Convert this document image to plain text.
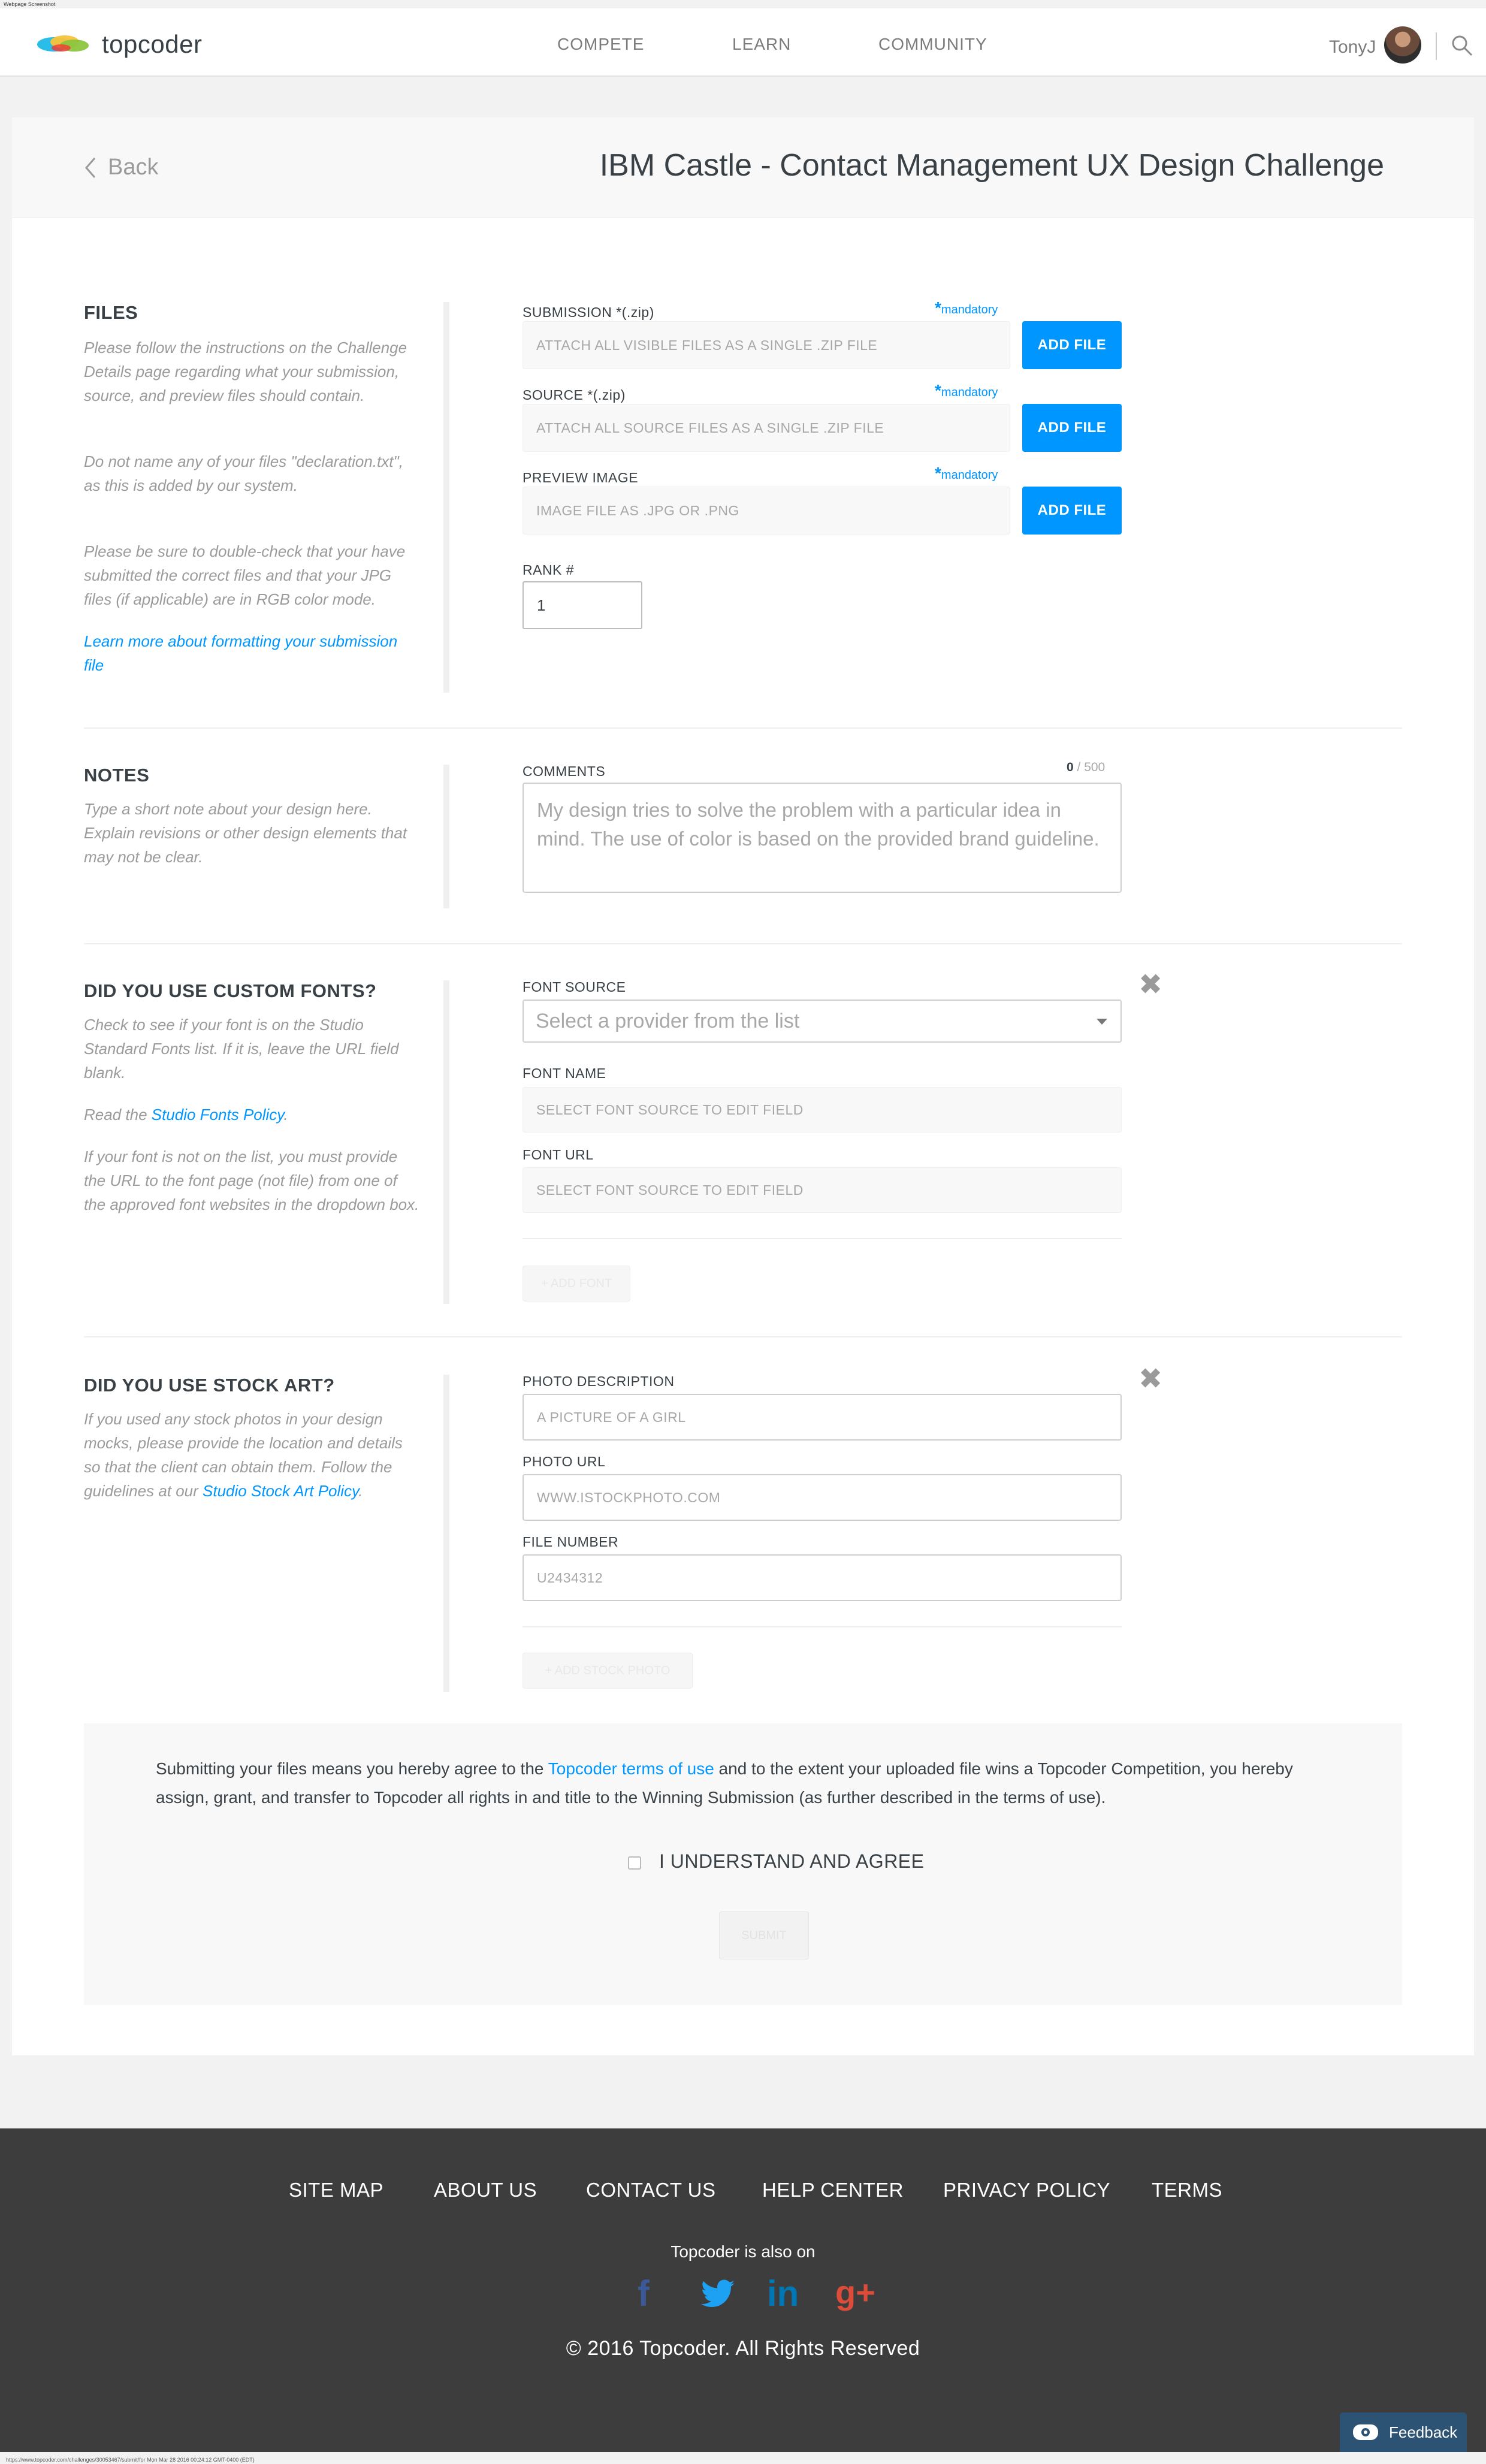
Webpage Screenshot
topcoder	COMPETE	LEARN	COMMUNITY	TonyJ
Back	IBM Castle - Contact Management UX Design Challenge
FILES
Please follow the instructions on the Challenge Details page regarding what your submission, source, and preview files should contain.
Do not name any of your files "declaration.txt", as this is added by our system.
Please be sure to double-check that your have submitted the correct files and that your JPG files (if applicable) are in RGB color mode.
Learn more about formatting your submission file
SUBMISSION *(.zip)	*mandatory
ATTACH ALL VISIBLE FILES AS A SINGLE .ZIP FILE	ADD FILE
SOURCE *(.zip)	*mandatory
ATTACH ALL SOURCE FILES AS A SINGLE .ZIP FILE	ADD FILE
PREVIEW IMAGE	*mandatory
IMAGE FILE AS .JPG OR .PNG	ADD FILE
RANK #
1
NOTES
Type a short note about your design here. Explain revisions or other design elements that may not be clear.
COMMENTS	0 / 500
My design tries to solve the problem with a particular idea in mind. The use of color is based on the provided brand guideline.
DID YOU USE CUSTOM FONTS?
Check to see if your font is on the Studio Standard Fonts list. If it is, leave the URL field blank.
Read the Studio Fonts Policy.
If your font is not on the list, you must provide the URL to the font page (not file) from one of the approved font websites in the dropdown box.
FONT SOURCE
Select a provider from the list
✖
FONT NAME
SELECT FONT SOURCE TO EDIT FIELD
FONT URL
SELECT FONT SOURCE TO EDIT FIELD
+ ADD FONT
DID YOU USE STOCK ART?
If you used any stock photos in your design mocks, please provide the location and details so that the client can obtain them. Follow the guidelines at our Studio Stock Art Policy.
PHOTO DESCRIPTION
A PICTURE OF A GIRL
✖
PHOTO URL
WWW.ISTOCKPHOTO.COM
FILE NUMBER
U2434312
+ ADD STOCK PHOTO
Submitting your files means you hereby agree to the Topcoder terms of use and to the extent your uploaded file wins a Topcoder Competition, you hereby assign, grant, and transfer to Topcoder all rights in and title to the Winning Submission (as further described in the terms of use).
I UNDERSTAND AND AGREE
SUBMIT
SITE MAP	ABOUT US CONTACT US HELP CENTER PRIVACY POLICY TERMS
Topcoder is also on
f	in g+
© 2016 Topcoder. All Rights Reserved
Feedback
https://www.topcoder.com/challenges/30053467/submit/for Mon Mar 28 2016 00:24:12 GMT-0400 (EDT)
